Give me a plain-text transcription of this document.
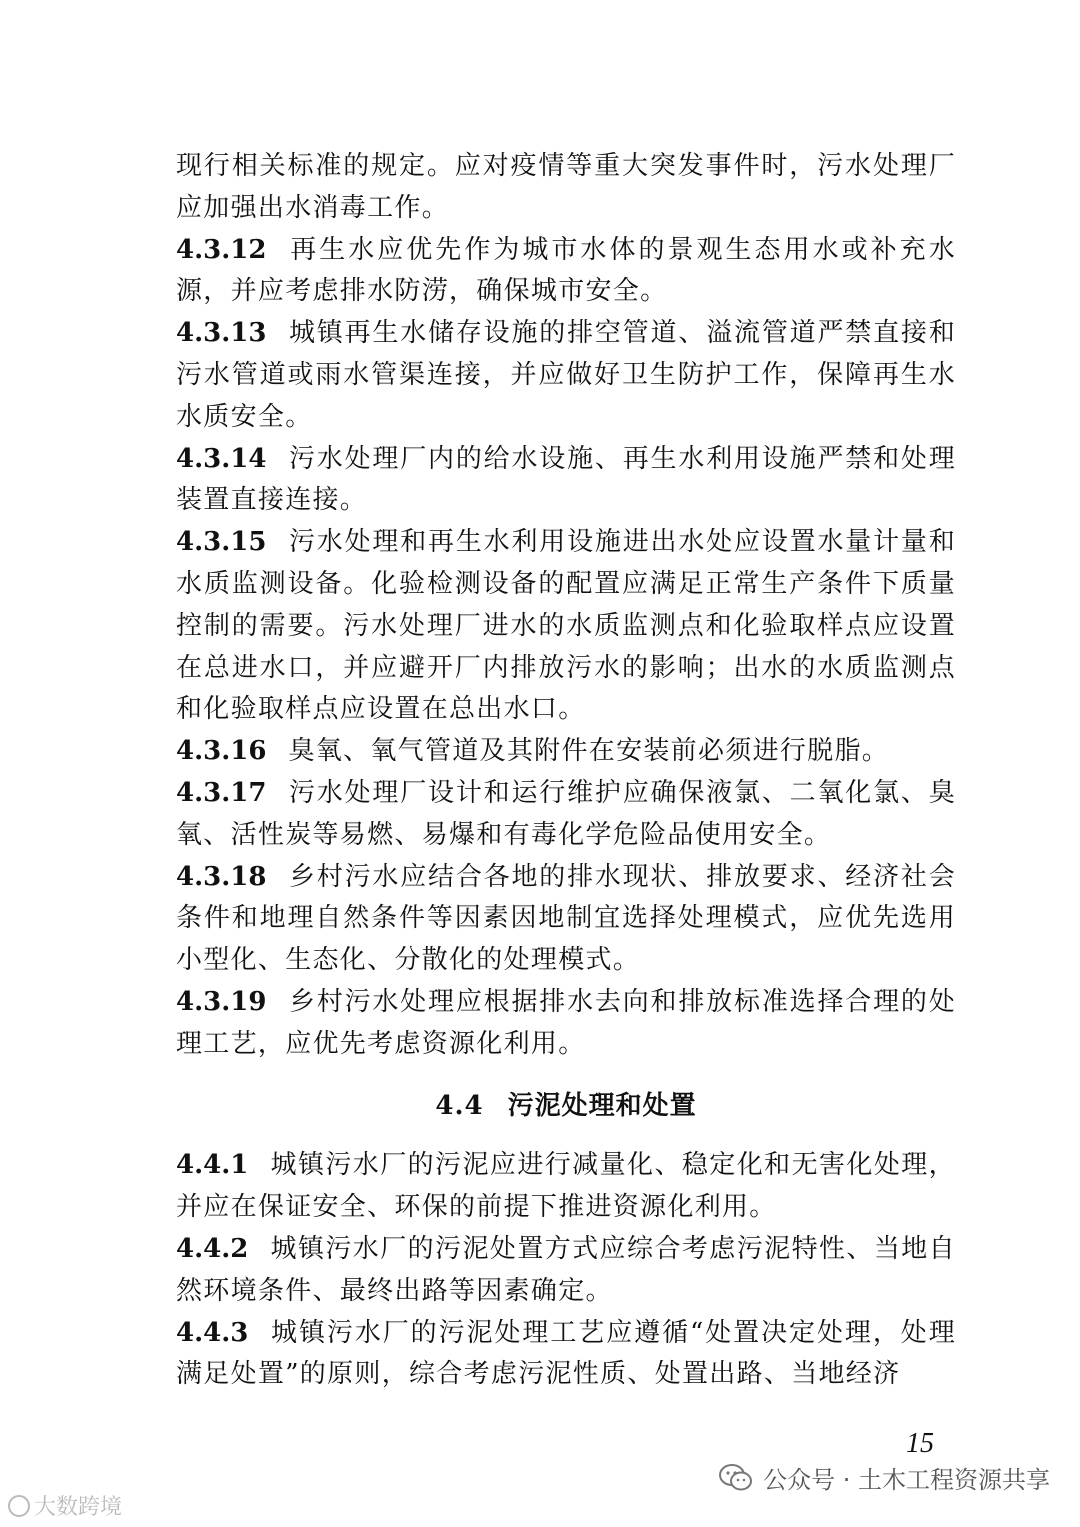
现行相关标准的规定。应对疫情等重大突发事件时，污水处理厂应加强出水消毒工作。

4.3.12 再生水应优先作为城市水体的景观生态用水或补充水源，并应考虑排水防涝，确保城市安全。

4.3.13 城镇再生水储存设施的排空管道、溢流管道严禁直接和污水管道或雨水管渠连接，并应做好卫生防护工作，保障再生水水质安全。

4.3.14 污水处理厂内的给水设施、再生水利用设施严禁和处理装置直接连接。

4.3.15 污水处理和再生水利用设施进出水处应设置水量计量和水质监测设备。化验检测设备的配置应满足正常生产条件下质量控制的需要。污水处理厂进水的水质监测点和化验取样点应设置在总进水口，并应避开厂内排放污水的影响；出水的水质监测点和化验取样点应设置在总出水口。

4.3.16 臭氧、氧气管道及其附件在安装前必须进行脱脂。

4.3.17 污水处理厂设计和运行维护应确保液氯、二氧化氯、臭氧、活性炭等易燃、易爆和有毒化学危险品使用安全。

4.3.18 乡村污水应结合各地的排水现状、排放要求、经济社会条件和地理自然条件等因素因地制宜选择处理模式，应优先选用小型化、生态化、分散化的处理模式。

4.3.19 乡村污水处理应根据排水去向和排放标准选择合理的处理工艺，应优先考虑资源化利用。

4.4 污泥处理和处置

4.4.1 城镇污水厂的污泥应进行减量化、稳定化和无害化处理，并应在保证安全、环保的前提下推进资源化利用。

4.4.2 城镇污水厂的污泥处置方式应综合考虑污泥特性、当地自然环境条件、最终出路等因素确定。

4.4.3 城镇污水厂的污泥处理工艺应遵循“处置决定处理，处理满足处置”的原则，综合考虑污泥性质、处置出路、当地经济

15
公众号 · 土木工程资源共享
大数跨境
